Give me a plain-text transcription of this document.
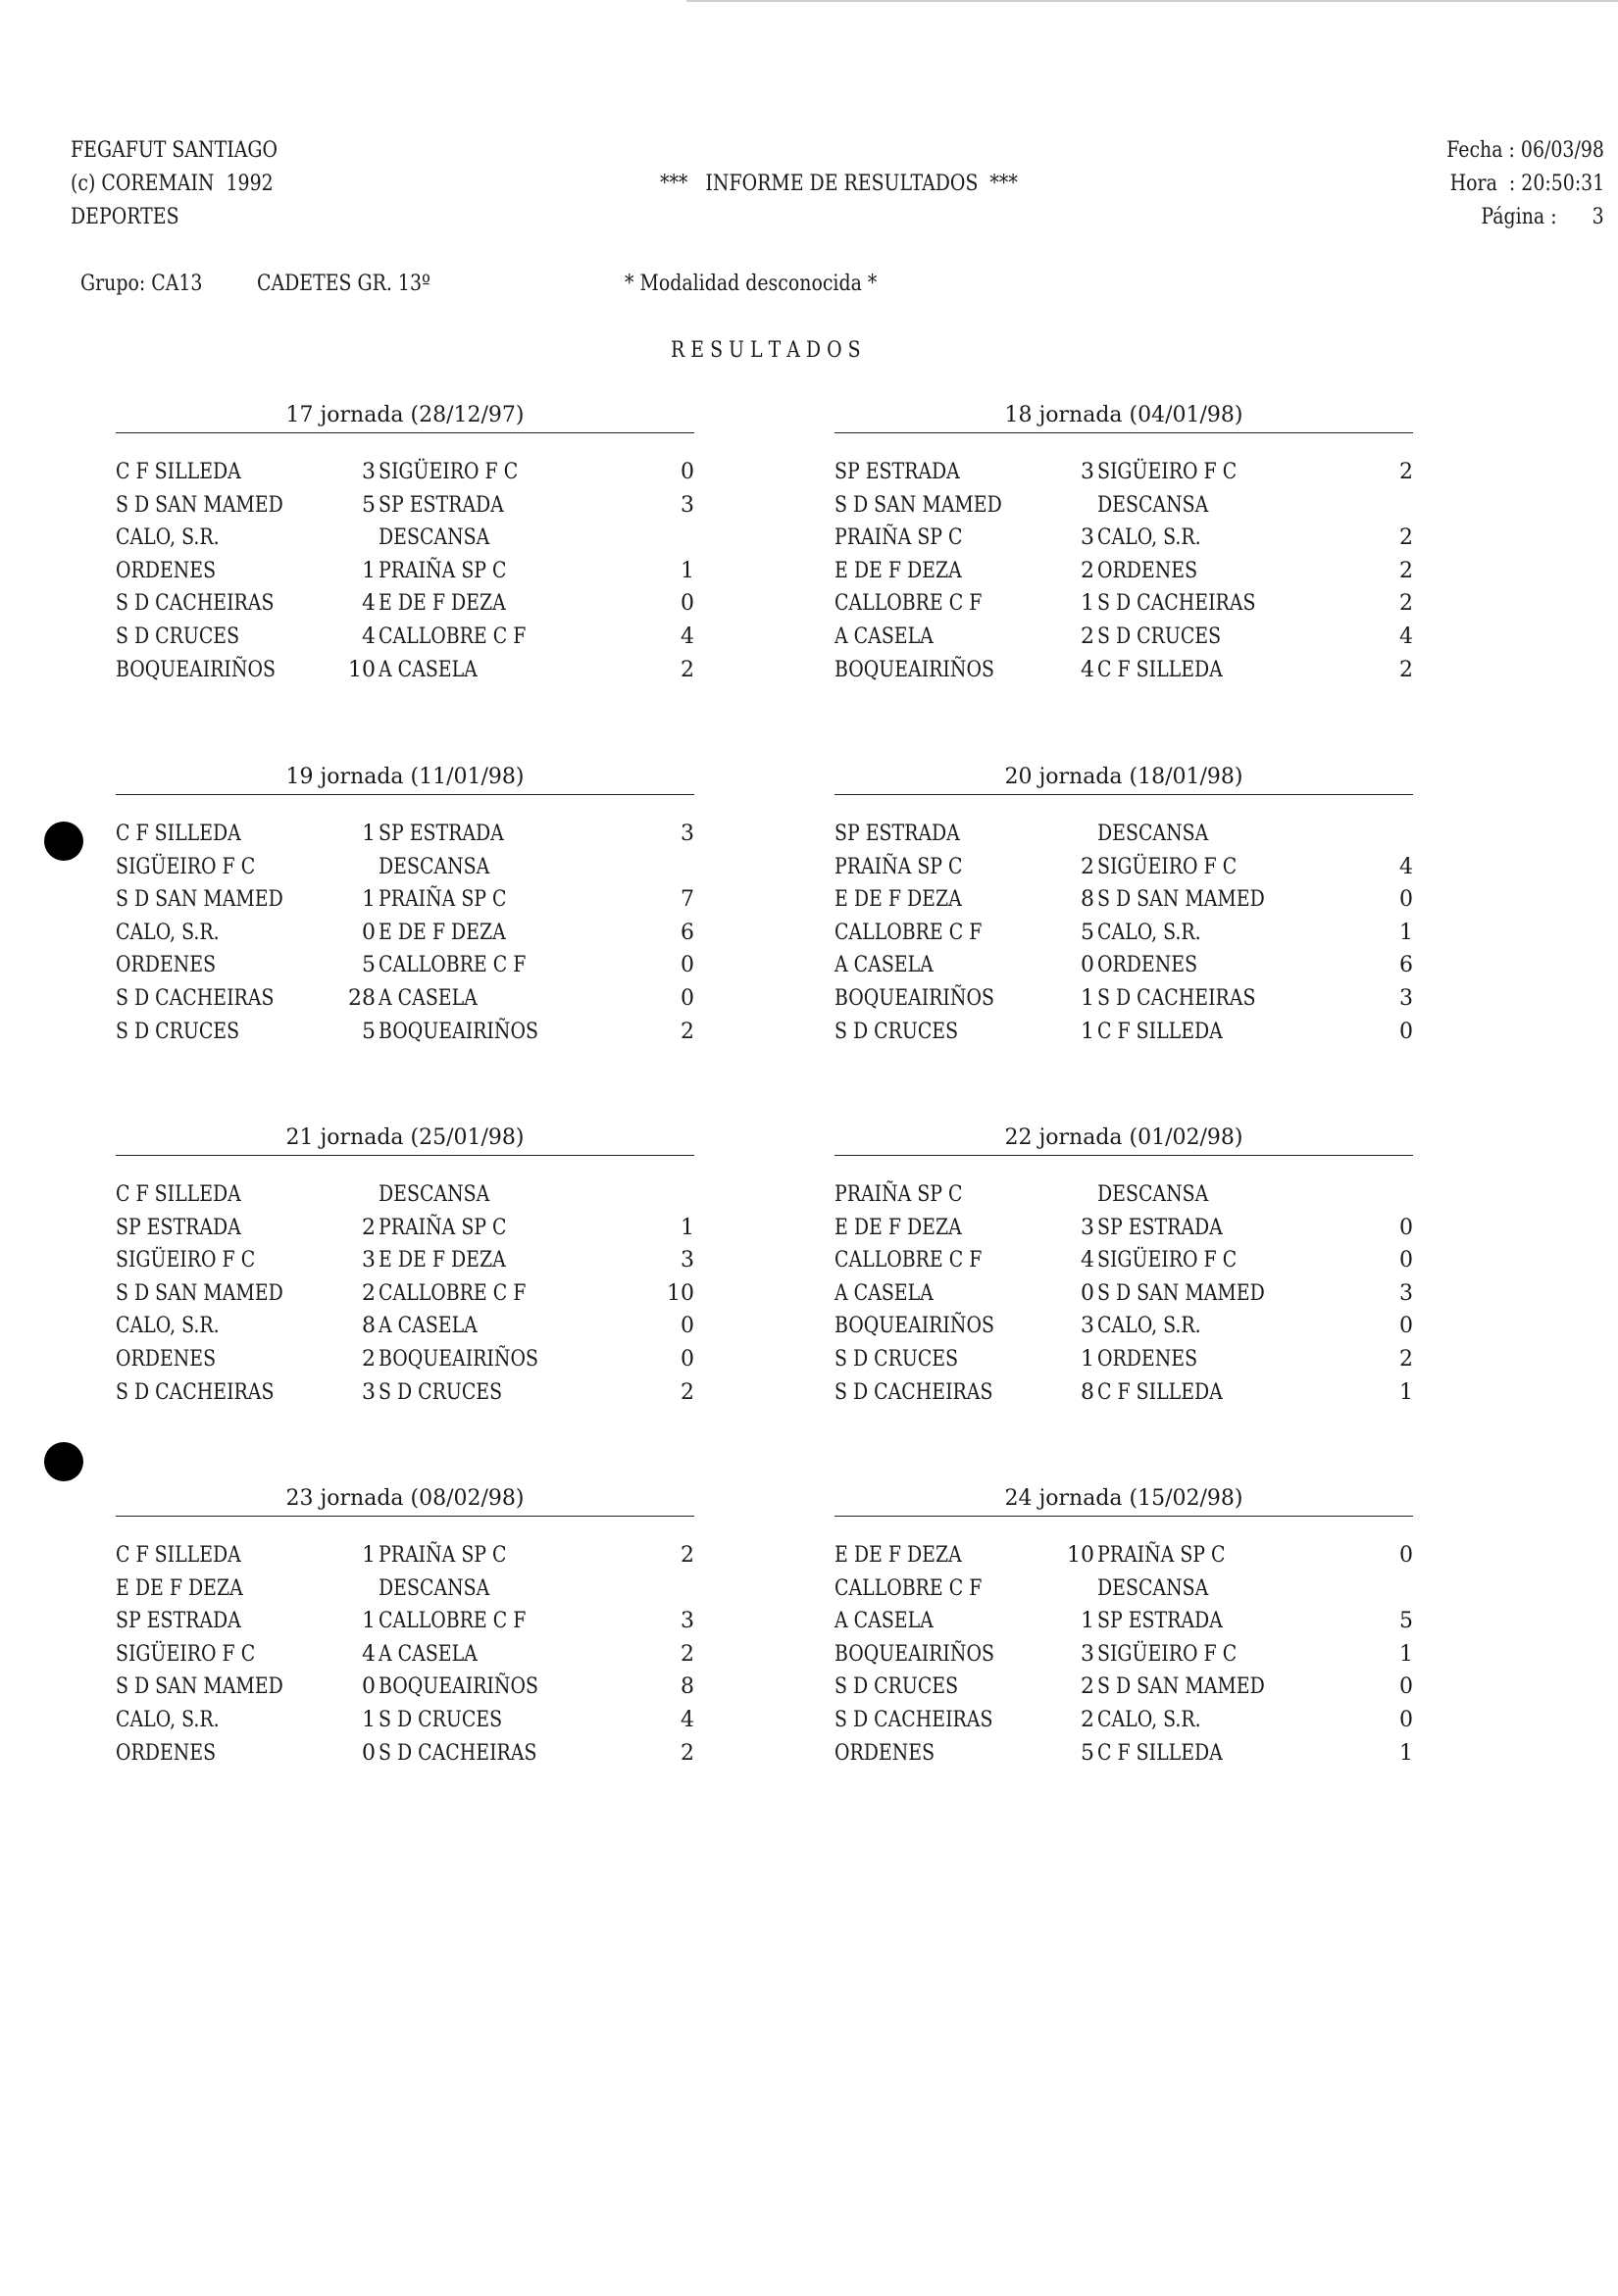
FEGAFUT SANTIAGO
(c) COREMAIN  1992
DEPORTES
***   INFORME DE RESULTADOS  ***
Fecha : 06/03/98
Hora  : 20:50:31
Página :      3
Grupo: CA13	CADETES GR. 13º	* Modalidad desconocida *
R E S U L T A D O S
17 jornada (28/12/97)
C F SILLEDA	3 SIGÜEIRO F C	0
S D SAN MAMED	5 SP ESTRADA	3
CALO, S.R.	DESCANSA
ORDENES	1 PRAIÑA SP C	1
S D CACHEIRAS	4 E DE F DEZA	0
S D CRUCES	4 CALLOBRE C F	4
BOQUEAIRIÑOS	10 A CASELA	2
18 jornada (04/01/98)
SP ESTRADA	3 SIGÜEIRO F C	2
S D SAN MAMED	DESCANSA
PRAIÑA SP C	3 CALO, S.R.	2
E DE F DEZA	2 ORDENES	2
CALLOBRE C F	1 S D CACHEIRAS	2
A CASELA	2 S D CRUCES	4
BOQUEAIRIÑOS	4 C F SILLEDA	2
19 jornada (11/01/98)
C F SILLEDA	1 SP ESTRADA	3
SIGÜEIRO F C	DESCANSA
S D SAN MAMED	1 PRAIÑA SP C	7
CALO, S.R.	0 E DE F DEZA	6
ORDENES	5 CALLOBRE C F	0
S D CACHEIRAS	28 A CASELA	0
S D CRUCES	5 BOQUEAIRIÑOS	2
20 jornada (18/01/98)
SP ESTRADA	DESCANSA
PRAIÑA SP C	2 SIGÜEIRO F C	4
E DE F DEZA	8 S D SAN MAMED	0
CALLOBRE C F	5 CALO, S.R.	1
A CASELA	0 ORDENES	6
BOQUEAIRIÑOS	1 S D CACHEIRAS	3
S D CRUCES	1 C F SILLEDA	0
21 jornada (25/01/98)
C F SILLEDA	DESCANSA
SP ESTRADA	2 PRAIÑA SP C	1
SIGÜEIRO F C	3 E DE F DEZA	3
S D SAN MAMED	2 CALLOBRE C F	10
CALO, S.R.	8 A CASELA	0
ORDENES	2 BOQUEAIRIÑOS	0
S D CACHEIRAS	3 S D CRUCES	2
22 jornada (01/02/98)
PRAIÑA SP C	DESCANSA
E DE F DEZA	3 SP ESTRADA	0
CALLOBRE C F	4 SIGÜEIRO F C	0
A CASELA	0 S D SAN MAMED	3
BOQUEAIRIÑOS	3 CALO, S.R.	0
S D CRUCES	1 ORDENES	2
S D CACHEIRAS	8 C F SILLEDA	1
23 jornada (08/02/98)
C F SILLEDA	1 PRAIÑA SP C	2
E DE F DEZA	DESCANSA
SP ESTRADA	1 CALLOBRE C F	3
SIGÜEIRO F C	4 A CASELA	2
S D SAN MAMED	0 BOQUEAIRIÑOS	8
CALO, S.R.	1 S D CRUCES	4
ORDENES	0 S D CACHEIRAS	2
24 jornada (15/02/98)
E DE F DEZA	10 PRAIÑA SP C	0
CALLOBRE C F	DESCANSA
A CASELA	1 SP ESTRADA	5
BOQUEAIRIÑOS	3 SIGÜEIRO F C	1
S D CRUCES	2 S D SAN MAMED	0
S D CACHEIRAS	2 CALO, S.R.	0
ORDENES	5 C F SILLEDA	1
